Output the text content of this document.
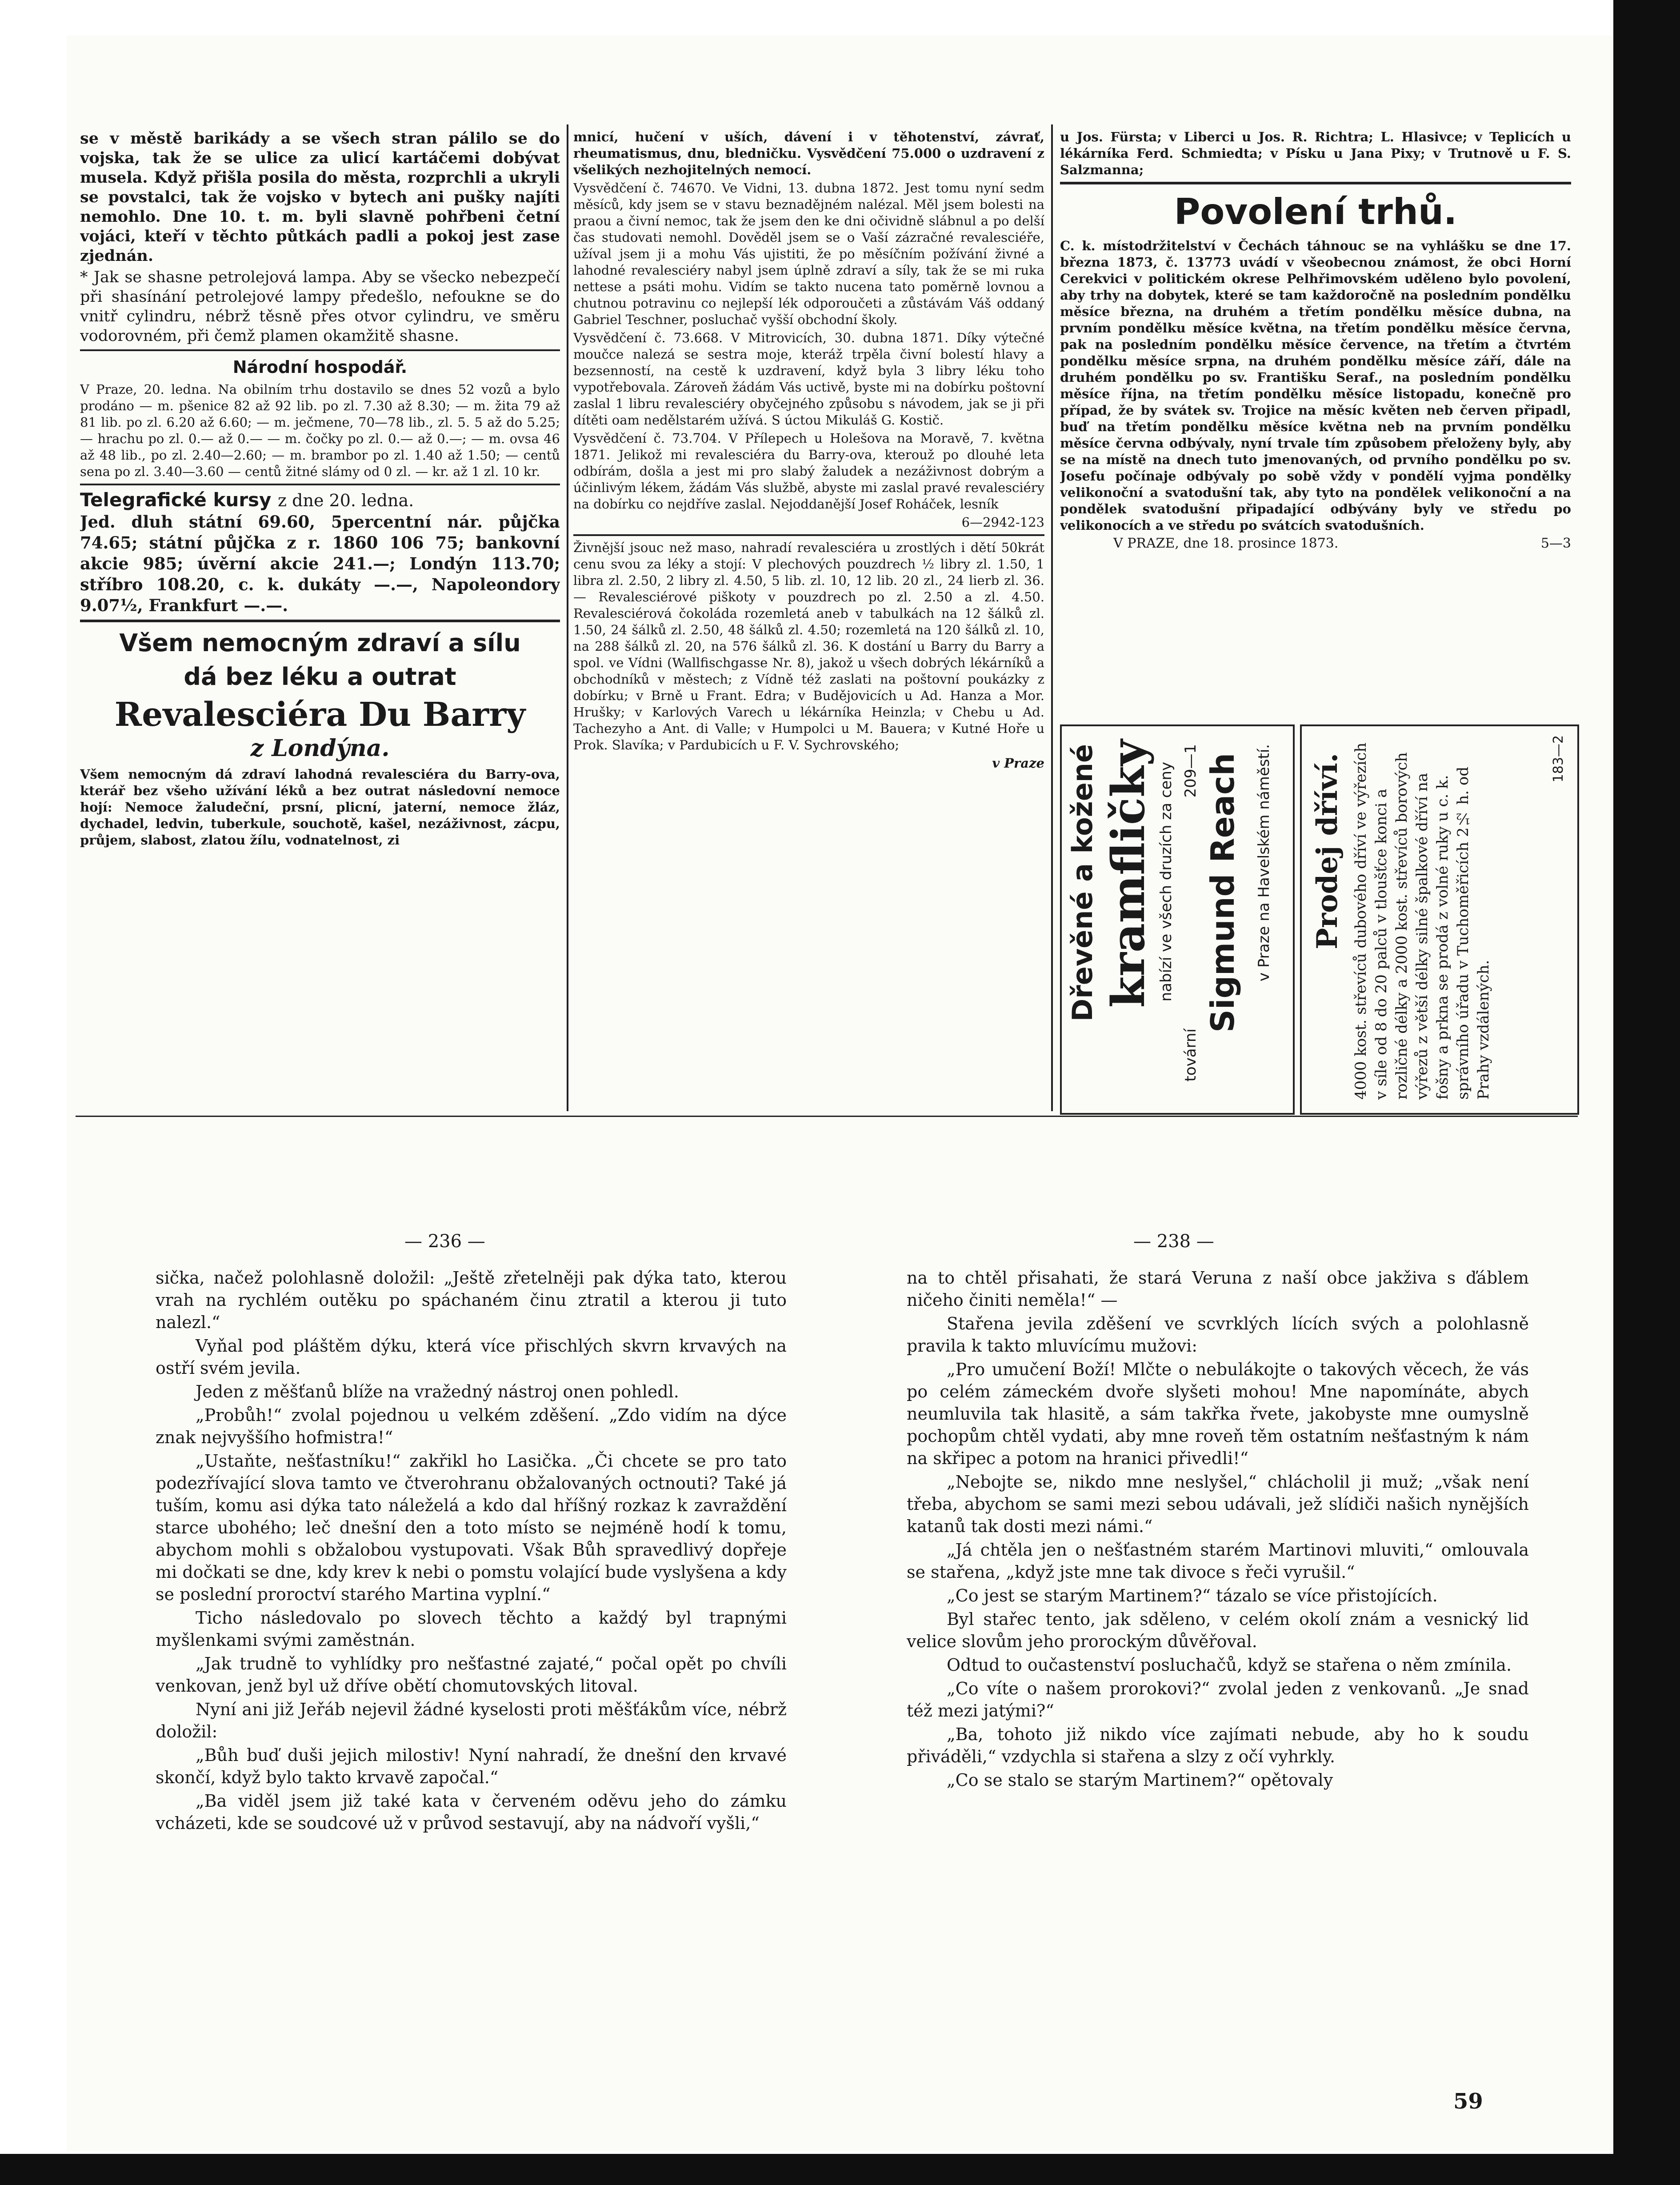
se v městě barikády a se všech stran pálilo se do vojska, tak že se ulice za ulicí kartáčemi dobývat musela. Když přišla posila do města, rozprchli a ukryli se povstalci, tak že vojsko v bytech ani pušky najíti nemohlo. Dne 10. t. m. byli slavně pohřbeni četní vojáci, kteří v těchto půtkách padli a pokoj jest zase zjednán.

* Jak se shasne petrolejová lampa. Aby se všecko nebezpečí při shasínání petrolejové lampy předešlo, nefoukne se do vnitř cylindru, nébrž těsně přes otvor cylindru, ve směru vodorovném, při čemž plamen okamžitě shasne.

Národní hospodář.

V Praze, 20. ledna. Na obilním trhu dostavilo se dnes 52 vozů a bylo prodáno — m. pšenice 82 až 92 lib. po zl. 7.30 až 8.30; — m. žita 79 až 81 lib. po zl. 6.20 až 6.60; — m. ječmene, 70—78 lib., zl. 5. 5 až do 5.25; — hrachu po zl. 0.— až 0.— — m. čočky po zl. 0.— až 0.—; — m. ovsa 46 až 48 lib., po zl. 2.40—2.60; — m. brambor po zl. 1.40 až 1.50; — centů sena po zl. 3.40—3.60 — centů žitné slámy od 0 zl. — kr. až 1 zl. 10 kr.

Telegrafické kursy z dne 20. ledna.

Jed. dluh státní 69.60, 5percentní nár. půjčka 74.65; státní půjčka z r. 1860 106 75; bankovní akcie 985; úvěrní akcie 241.—; Londýn 113.70; stříbro 108.20, c. k. dukáty —.—, Napoleondory 9.07½, Frankfurt —.—.

Všem nemocným zdraví a sílu
dá bez léku a outrat
Revalesciéra Du Barry
z Londýna.

Všem nemocným dá zdraví lahodná revalesciéra du Barry-ova, kterář bez všeho užívání léků a bez outrat následovní nemoce hojí: Nemoce žaludeční, prsní, plicní, jaterní, nemoce žláz, dychadel, ledvin, tuberkule, souchotě, kašel, nezáživnost, zácpu, průjem, slabost, zlatou žílu, vodnatelnost, zi

mnicí, hučení v uších, dávení i v těhotenství, závrať, rheumatismus, dnu, bledničku. Vysvědčení 75.000 o uzdravení z všelikých nezhojitelných nemocí.

Vysvědčení č. 74670. Ve Vidni, 13. dubna 1872. Jest tomu nyní sedm měsíců, kdy jsem se v stavu beznadějném nalézal. Měl jsem bolesti na praou a čivní nemoc, tak že jsem den ke dni očividně slábnul a po delší čas studovati nemohl. Dověděl jsem se o Vaší zázračné revalesciéře, užíval jsem ji a mohu Vás ujistiti, že po měsíčním požívání živné a lahodné revalesciéry nabyl jsem úplně zdraví a síly, tak že se mi ruka nettese a psáti mohu. Vidím se takto nucena tato poměrně lovnou a chutnou potravinu co nejlepší lék odporoučeti a zůstávám Váš oddaný Gabriel Teschner, posluchač vyšší obchodní školy.

Vysvědčení č. 73.668. V Mitrovicích, 30. dubna 1871. Díky výtečné moučce nalezá se sestra moje, kteráž trpěla čivní bolestí hlavy a bezsenností, na cestě k uzdravení, když byla 3 libry léku toho vypotřebovala. Zároveň žádám Vás uctivě, byste mi na dobírku poštovní zaslal 1 libru revalesciéry obyčejného způsobu s návodem, jak se ji při dítěti oam nedělstarém užívá. S úctou Mikuláš G. Kostič.

Vysvědčení č. 73.704. V Přílepech u Holešova na Moravě, 7. května 1871. Jelikož mi revalesciéra du Barry-ova, kterouž po dlouhé leta odbírám, došla a jest mi pro slabý žaludek a nezáživnost dobrým a účinlivým lékem, žádám Vás službě, abyste mi zaslal pravé revalesciéry na dobírku co nejdříve zaslal. Nejoddanější Josef Roháček, lesník

6—2942-123

Živnější jsouc než maso, nahradí revalesciéra u zrostlých i dětí 50krát cenu svou za léky a stojí: V plechových pouzdrech ½ libry zl. 1.50, 1 libra zl. 2.50, 2 libry zl. 4.50, 5 lib. zl. 10, 12 lib. 20 zl., 24 lierb zl. 36. — Revalesciérové piškoty v pouzdrech po zl. 2.50 a zl. 4.50. Revalesciérová čokoláda rozemletá aneb v tabulkách na 12 šálků zl. 1.50, 24 šálků zl. 2.50, 48 šálků zl. 4.50; rozemletá na 120 šálků zl. 10, na 288 šálků zl. 20, na 576 šálků zl. 36. K dostání u Barry du Barry a spol. ve Vídni (Wallfischgasse Nr. 8), jakož u všech dobrých lékárníků a obchodníků v městech; z Vídně též zaslati na poštovní poukázky z dobírku; v Brně u Frant. Edra; v Budějovicích u Ad. Hanza a Mor. Hrušky; v Karlových Varech u lékárníka Heinzla; v Chebu u Ad. Tachezyho a Ant. di Valle; v Humpolci u M. Bauera; v Kutné Hoře u Prok. Slavíka; v Pardubicích u F. V. Sychrovského;

v Praze

u Jos. Fürsta; v Liberci u Jos. R. Richtra; L. Hlasivce; v Teplicích u lékárníka Ferd. Schmiedta; v Písku u Jana Pixy; v Trutnově u F. S. Salzmanna;

Povolení trhů.

C. k. místodržitelství v Čechách táhnouc se na vyhlášku se dne 17. března 1873, č. 13773 uvádí v všeobecnou známost, že obci Horní Cerekvici v politickém okrese Pelhřimovském uděleno bylo povolení, aby trhy na dobytek, které se tam každoročně na posledním pondělku měsíce března, na druhém a třetím pondělku měsíce dubna, na prvním pondělku měsíce května, na třetím pondělku měsíce června, pak na posledním pondělku měsíce července, na třetím a čtvrtém pondělku měsíce srpna, na druhém pondělku měsíce září, dále na druhém pondělku po sv. Františku Seraf., na posledním pondělku měsíce října, na třetím pondělku měsíce listopadu, konečně pro případ, že by svátek sv. Trojice na měsíc květen neb červen připadl, buď na třetím pondělku měsíce května neb na prvním pondělku měsíce června odbývaly, nyní trvale tím způsobem přeloženy byly, aby se na místě na dnech tuto jmenovaných, od prvního pondělku po sv. Josefu počínaje odbývaly po sobě vždy v pondělí vyjma pondělky velikonoční a svatodušní tak, aby tyto na pondělek velikonoční a na pondělek svatodušní připadající odbývány byly ve středu po velikonocích a ve středu po svátcích svatodušních.

V PRAZE, dne 18. prosince 1873.	5—3
Dřevěné a kožené kramfličky nabízí ve všech druzích za ceny
tovární
209—1 Sigmund Reach v Praze na Havelském náměstí. Prodej dříví. 4000 kost. střevíců dubového dříví ve výřezích v síle od 8 do 20 palců v tloušťce konci a rozličné délky a 2000 kost. střevíců borových výřezů z větší délky silné špalkové dříví na fošny a prkna se prodá z volné ruky u c. k. správního úřadu v Tuchoměřicích 2½ h. od Prahy vzdálených.
183—2
— 236 —	— 238 —

sička, načež polohlasně doložil: „Ještě zřetelněji pak dýka tato, kterou vrah na rychlém outěku po spáchaném činu ztratil a kterou ji tuto nalezl.“

Vyňal pod pláštěm dýku, která více přischlých skvrn krvavých na ostří svém jevila.

Jeden z měšťanů blíže na vražedný nástroj onen pohledl.

„Probůh!“ zvolal pojednou u velkém zděšení. „Zdo vidím na dýce znak nejvyššího hofmistra!“

„Ustaňte, nešťastníku!“ zakřikl ho Lasička. „Či chcete se pro tato podezřívající slova tamto ve čtverohranu obžalovaných octnouti? Také já tuším, komu asi dýka tato náleželá a kdo dal hříšný rozkaz k zavraždění starce ubohého; leč dnešní den a toto místo se nejméně hodí k tomu, abychom mohli s obžalobou vystupovati. Však Bůh spravedlivý dopřeje mi dočkati se dne, kdy krev k nebi o pomstu volající bude vyslyšena a kdy se poslední proroctví starého Martina vyplní.“

Ticho následovalo po slovech těchto a každý byl trapnými myšlenkami svými zaměstnán.

„Jak trudně to vyhlídky pro nešťastné zajaté,“ počal opět po chvíli venkovan, jenž byl už dříve obětí chomutovských litoval.

Nyní ani již Jeřáb nejevil žádné kyselosti proti měšťákům více, nébrž doložil:

„Bůh buď duši jejich milostiv! Nyní nahradí, že dnešní den krvavé skončí, když bylo takto krvavě započal.“

„Ba viděl jsem již také kata v červeném oděvu jeho do zámku vcházeti, kde se soudcové už v průvod sestavují, aby na nádvoří vyšli,“

na to chtěl přisahati, že stará Veruna z naší obce jakživa s ďáblem ničeho činiti neměla!“ —

Stařena jevila zděšení ve scvrklých lících svých a polohlasně pravila k takto mluvícímu mužovi:

„Pro umučení Boží! Mlčte o nebulákojte o takových věcech, že vás po celém zámeckém dvoře slyšeti mohou! Mne napomínáte, abych neumluvila tak hlasitě, a sám takřka řvete, jakobyste mne oumyslně pochopům chtěl vydati, aby mne roveň těm ostatním nešťastným k nám na skřipec a potom na hranici přivedli!“

„Nebojte se, nikdo mne neslyšel,“ chlácholil ji muž; „však není třeba, abychom se sami mezi sebou udávali, jež slídiči našich nynějších katanů tak dosti mezi námi.“

„Já chtěla jen o nešťastném starém Martinovi mluviti,“ omlouvala se stařena, „když jste mne tak divoce s řeči vyrušil.“

„Co jest se starým Martinem?“ tázalo se více přistojících.

Byl stařec tento, jak sděleno, v celém okolí znám a vesnický lid velice slovům jeho prorockým důvěřoval.

Odtud to oučastenství posluchačů, když se stařena o něm zmínila.

„Co víte o našem prorokovi?“ zvolal jeden z venkovanů. „Je snad též mezi jatými?“

„Ba, tohoto již nikdo více zajímati nebude, aby ho k soudu přiváděli,“ vzdychla si stařena a slzy z očí vyhrkly.

„Co se stalo se starým Martinem?“ opětovaly

59
